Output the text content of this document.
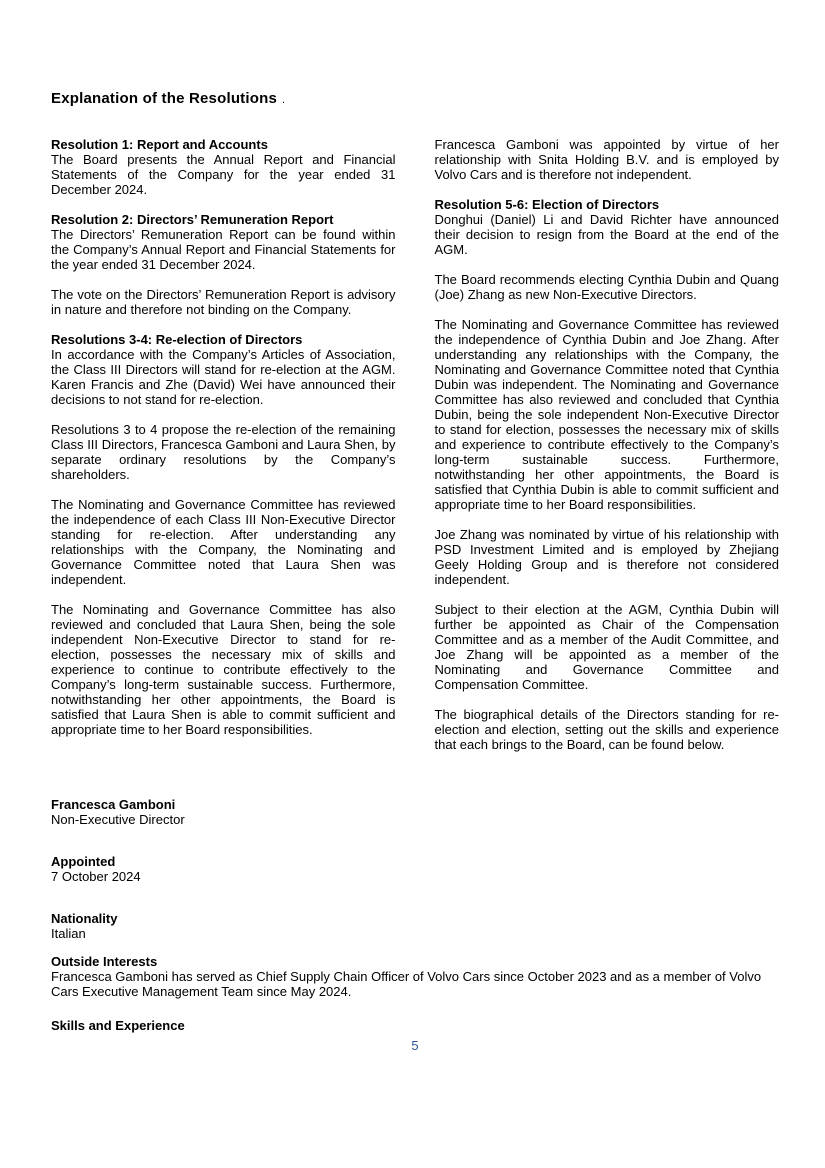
Explanation of the Resolutions .
Resolution 1: Report and Accounts

The Board presents the Annual Report and Financial Statements of the Company for the year ended 31 December 2024.

Resolution 2: Directors’ Remuneration Report

The Directors’ Remuneration Report can be found within the Company’s Annual Report and Financial Statements for the year ended 31 December 2024.

The vote on the Directors’ Remuneration Report is advisory in nature and therefore not binding on the Company.

Resolutions 3-4: Re-election of Directors

In accordance with the Company’s Articles of Association, the Class III Directors will stand for re-election at the AGM. Karen Francis and Zhe (David) Wei have announced their decisions to not stand for re-election.

Resolutions 3 to 4 propose the re-election of the remaining Class III Directors, Francesca Gamboni and Laura Shen, by separate ordinary resolutions by the Company’s shareholders.

The Nominating and Governance Committee has reviewed the independence of each Class III Non-Executive Director standing for re-election. After understanding any relationships with the Company, the Nominating and Governance Committee noted that Laura Shen was independent.

The Nominating and Governance Committee has also reviewed and concluded that Laura Shen, being the sole independent Non-Executive Director to stand for re-election, possesses the necessary mix of skills and experience to continue to contribute effectively to the Company’s long-term sustainable success. Furthermore, notwithstanding her other appointments, the Board is satisfied that Laura Shen is able to commit sufficient and appropriate time to her Board responsibilities.

Francesca Gamboni was appointed by virtue of her relationship with Snita Holding B.V. and is employed by Volvo Cars and is therefore not independent.

Resolution 5-6: Election of Directors

Donghui (Daniel) Li and David Richter have announced their decision to resign from the Board at the end of the AGM.

The Board recommends electing Cynthia Dubin and Quang (Joe) Zhang as new Non-Executive Directors.

The Nominating and Governance Committee has reviewed the independence of Cynthia Dubin and Joe Zhang. After understanding any relationships with the Company, the Nominating and Governance Committee noted that Cynthia Dubin was independent. The Nominating and Governance Committee has also reviewed and concluded that Cynthia Dubin, being the sole independent Non-Executive Director to stand for election, possesses the necessary mix of skills and experience to contribute effectively to the Company’s long-term sustainable success. Furthermore, notwithstanding her other appointments, the Board is satisfied that Cynthia Dubin is able to commit sufficient and appropriate time to her Board responsibilities.

Joe Zhang was nominated by virtue of his relationship with PSD Investment Limited and is employed by Zhejiang Geely Holding Group and is therefore not considered independent.

Subject to their election at the AGM, Cynthia Dubin will further be appointed as Chair of the Compensation Committee and as a member of the Audit Committee, and Joe Zhang will be appointed as a member of the Nominating and Governance Committee and Compensation Committee.

The biographical details of the Directors standing for re-election and election, setting out the skills and experience that each brings to the Board, can be found below.

Francesca Gamboni

Non-Executive Director

Appointed

7 October 2024

Nationality

Italian

Outside Interests

Francesca Gamboni has served as Chief Supply Chain Officer of Volvo Cars since October 2023 and as a member of Volvo Cars Executive Management Team since May 2024.

Skills and Experience
5
